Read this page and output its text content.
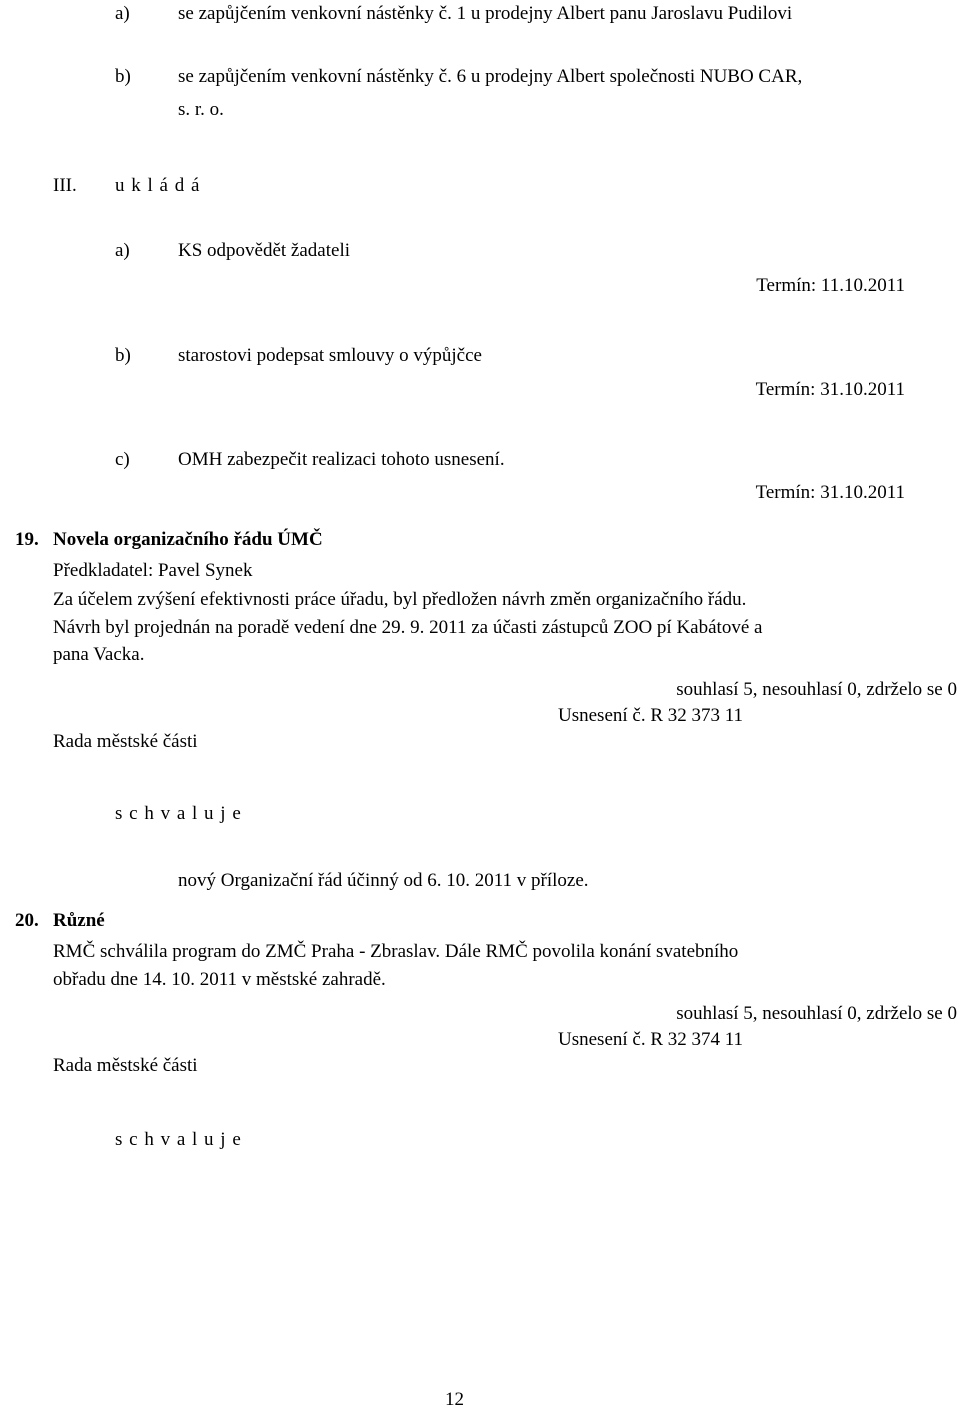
a)	se zapůjčením venkovní nástěnky č. 1 u prodejny Albert panu Jaroslavu Pudilovi
b) se zapůjčením venkovní nástěnky č. 6 u prodejny Albert společnosti NUBO CAR,
s. r. o.
III. u k l á d á
a)	KS odpovědět žadateli
Termín: 11.10.2011
b) starostovi podepsat smlouvy o výpůjčce
Termín: 31.10.2011
c)	OMH zabezpečit realizaci tohoto usnesení.
Termín: 31.10.2011
19. Novela organizačního řádu ÚMČ
Předkladatel: Pavel Synek
Za účelem zvýšení efektivnosti práce úřadu, byl předložen návrh změn organizačního řádu.
Návrh byl projednán na poradě vedení dne 29. 9. 2011 za účasti zástupců ZOO pí Kabátové a
pana Vacka.
souhlasí 5, nesouhlasí 0, zdrželo se 0
Usnesení č. R 32 373 11
Rada městské části
s c h v a l u j e
nový Organizační řád účinný od 6. 10. 2011 v příloze.
20. Různé
RMČ schválila program do ZMČ Praha - Zbraslav. Dále RMČ povolila konání svatebního
obřadu dne 14. 10. 2011 v městské zahradě.
souhlasí 5, nesouhlasí 0, zdrželo se 0
Usnesení č. R 32 374 11
Rada městské části
s c h v a l u j e
12
